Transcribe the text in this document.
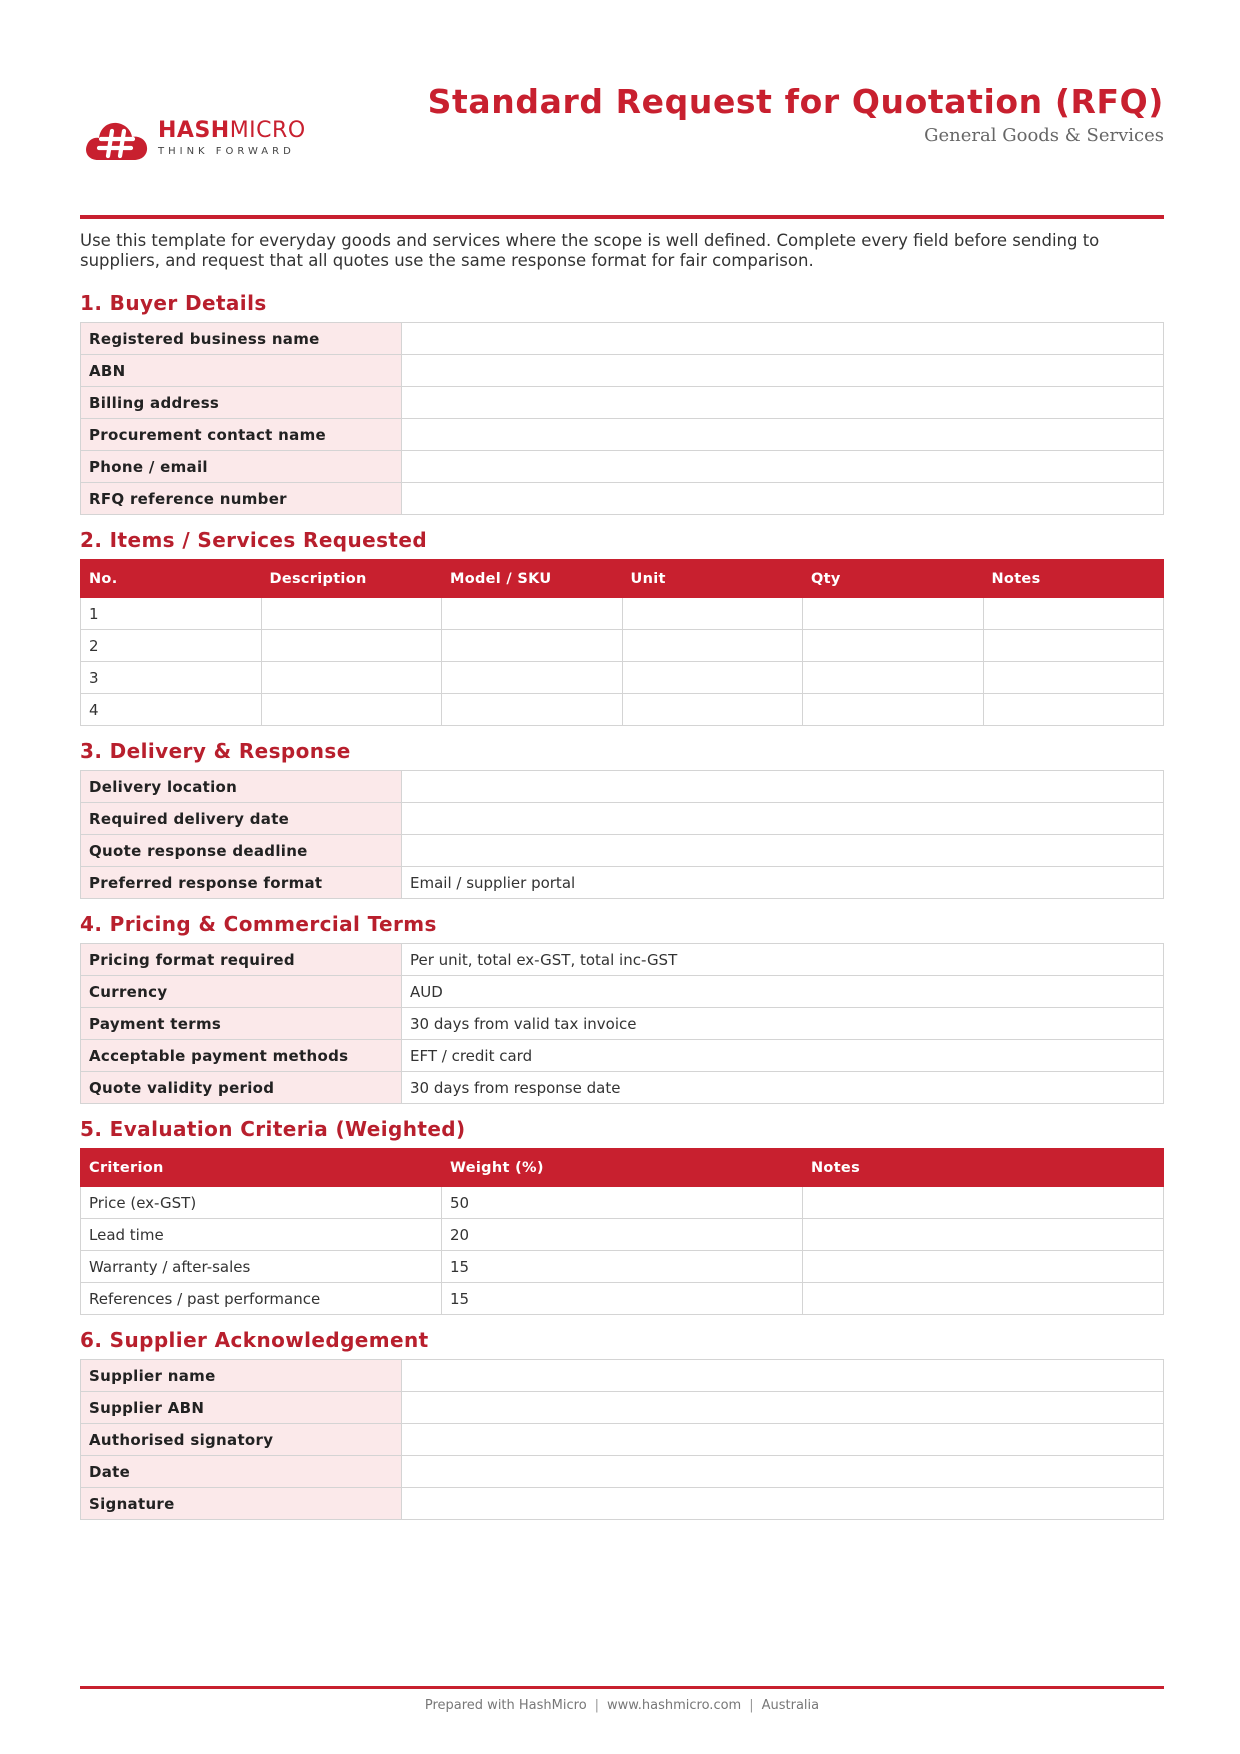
HASHMICRO
THINK FORWARD
Standard Request for Quotation (RFQ)
General Goods & Services

Use this template for everyday goods and services where the scope is well defined. Complete every field before sending to suppliers, and request that all quotes use the same response format for fair comparison.

1. Buyer Details
Registered business name	
ABN	
Billing address	
Procurement contact name	
Phone / email	
RFQ reference number	
2. Items / Services Requested
No.	Description	Model / SKU	Unit	Qty	Notes
1					
2					
3					
4					
3. Delivery & Response
Delivery location	
Required delivery date	
Quote response deadline	
Preferred response format	Email / supplier portal
4. Pricing & Commercial Terms
Pricing format required	Per unit, total ex-GST, total inc-GST
Currency	AUD
Payment terms	30 days from valid tax invoice
Acceptable payment methods	EFT / credit card
Quote validity period	30 days from response date
5. Evaluation Criteria (Weighted)
Criterion	Weight (%)	Notes
Price (ex-GST)	50	
Lead time	20	
Warranty / after-sales	15	
References / past performance	15	
6. Supplier Acknowledgement
Supplier name	
Supplier ABN	
Authorised signatory	
Date	
Signature	
Prepared with HashMicro | www.hashmicro.com | Australia
